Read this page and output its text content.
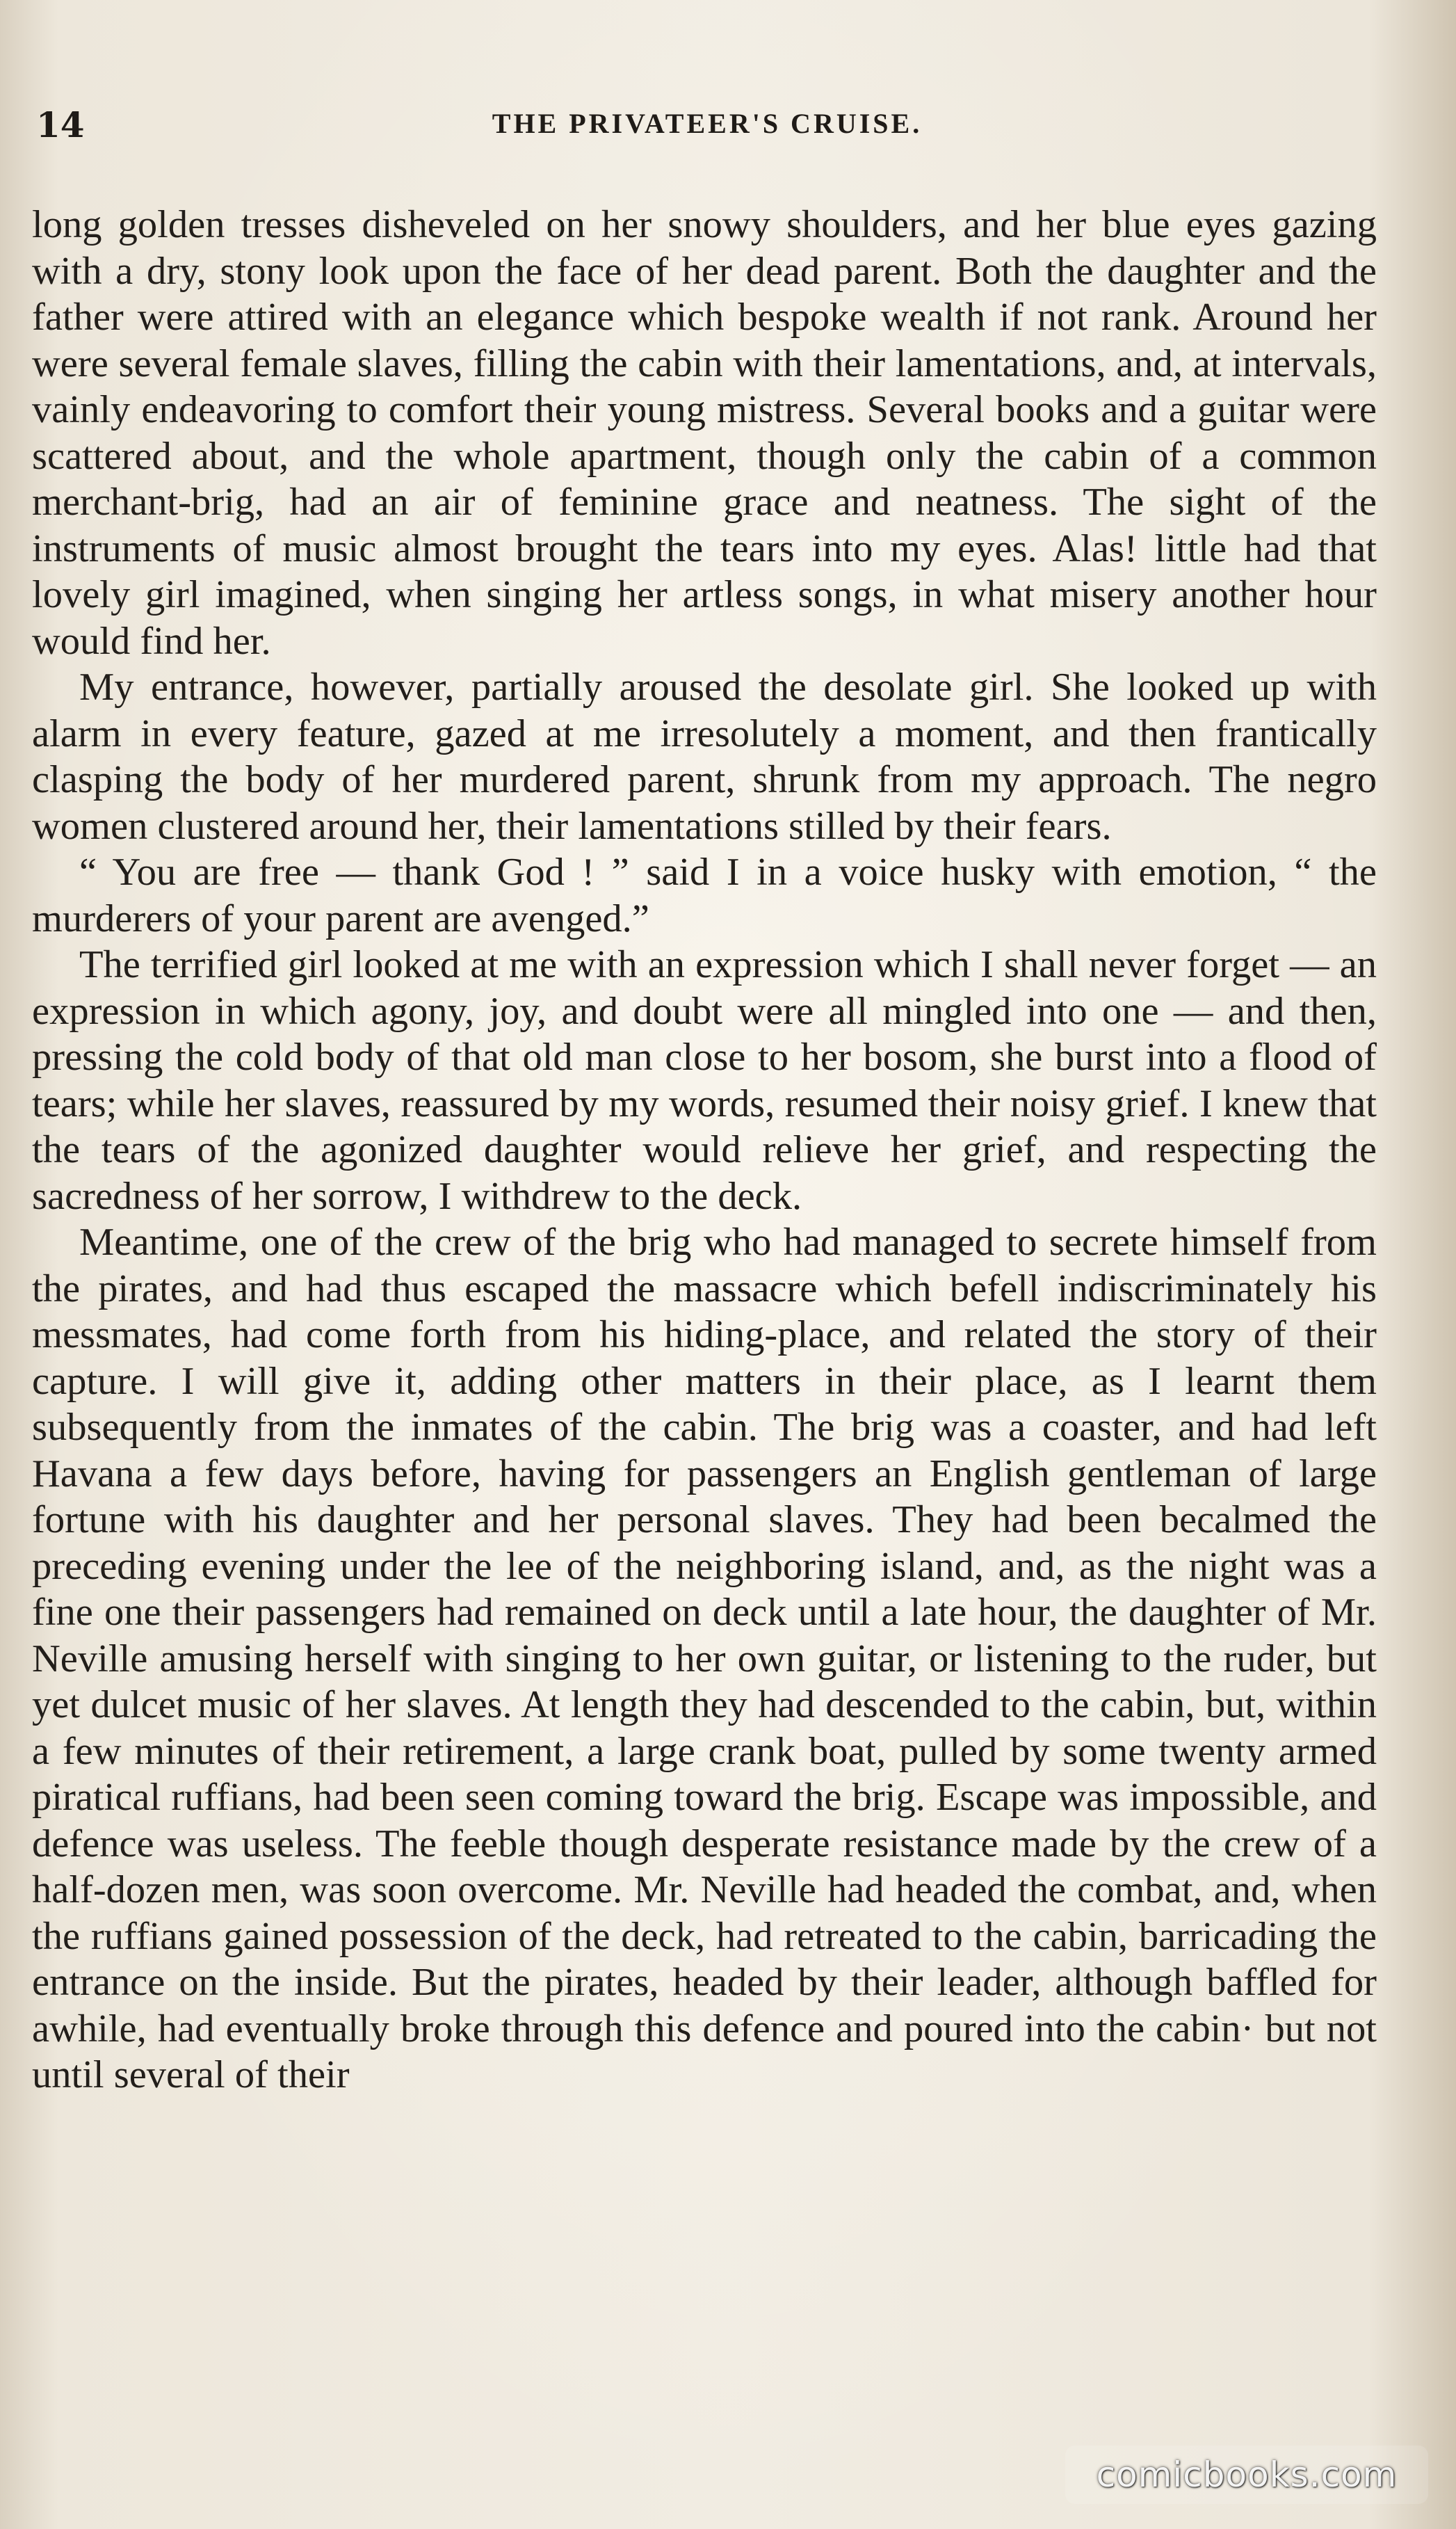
14	THE PRIVATEER'S CRUISE.

long golden tresses disheveled on her snowy shoulders, and her blue eyes gazing with a dry, stony look upon the face of her dead parent. Both the daughter and the father were attired with an elegance which bespoke wealth if not rank. Around her were several female slaves, filling the cabin with their lamentations, and, at intervals, vainly endeavoring to comfort their young mistress. Several books and a guitar were scattered about, and the whole apartment, though only the cabin of a common merchant-brig, had an air of feminine grace and neatness. The sight of the instruments of music almost brought the tears into my eyes. Alas! little had that lovely girl imagined, when singing her artless songs, in what misery another hour would find her.

My entrance, however, partially aroused the desolate girl. She looked up with alarm in every feature, gazed at me irresolutely a moment, and then frantically clasping the body of her murdered parent, shrunk from my approach. The negro women clustered around her, their lamentations stilled by their fears.

“ You are free — thank God ! ” said I in a voice husky with emotion, “ the murderers of your parent are avenged.”

The terrified girl looked at me with an expression which I shall never forget — an expression in which agony, joy, and doubt were all mingled into one — and then, pressing the cold body of that old man close to her bosom, she burst into a flood of tears; while her slaves, reassured by my words, resumed their noisy grief. I knew that the tears of the agonized daughter would relieve her grief, and respecting the sacredness of her sorrow, I withdrew to the deck.

Meantime, one of the crew of the brig who had managed to secrete himself from the pirates, and had thus escaped the massacre which befell indiscriminately his messmates, had come forth from his hiding-place, and related the story of their capture. I will give it, adding other matters in their place, as I learnt them subsequently from the inmates of the cabin. The brig was a coaster, and had left Havana a few days before, having for passengers an English gentleman of large fortune with his daughter and her personal slaves. They had been becalmed the preceding evening under the lee of the neighboring island, and, as the night was a fine one their passengers had remained on deck until a late hour, the daughter of Mr. Neville amusing herself with singing to her own guitar, or listening to the ruder, but yet dulcet music of her slaves. At length they had descended to the cabin, but, within a few minutes of their retirement, a large crank boat, pulled by some twenty armed piratical ruffians, had been seen coming toward the brig. Escape was impossible, and defence was useless. The feeble though desperate resistance made by the crew of a half-dozen men, was soon overcome. Mr. Neville had headed the combat, and, when the ruffians gained possession of the deck, had retreated to the cabin, barricading the entrance on the inside. But the pirates, headed by their leader, although baffled for awhile, had eventually broke through this defence and poured into the cabin· but not until several of their

comicbooks.com
